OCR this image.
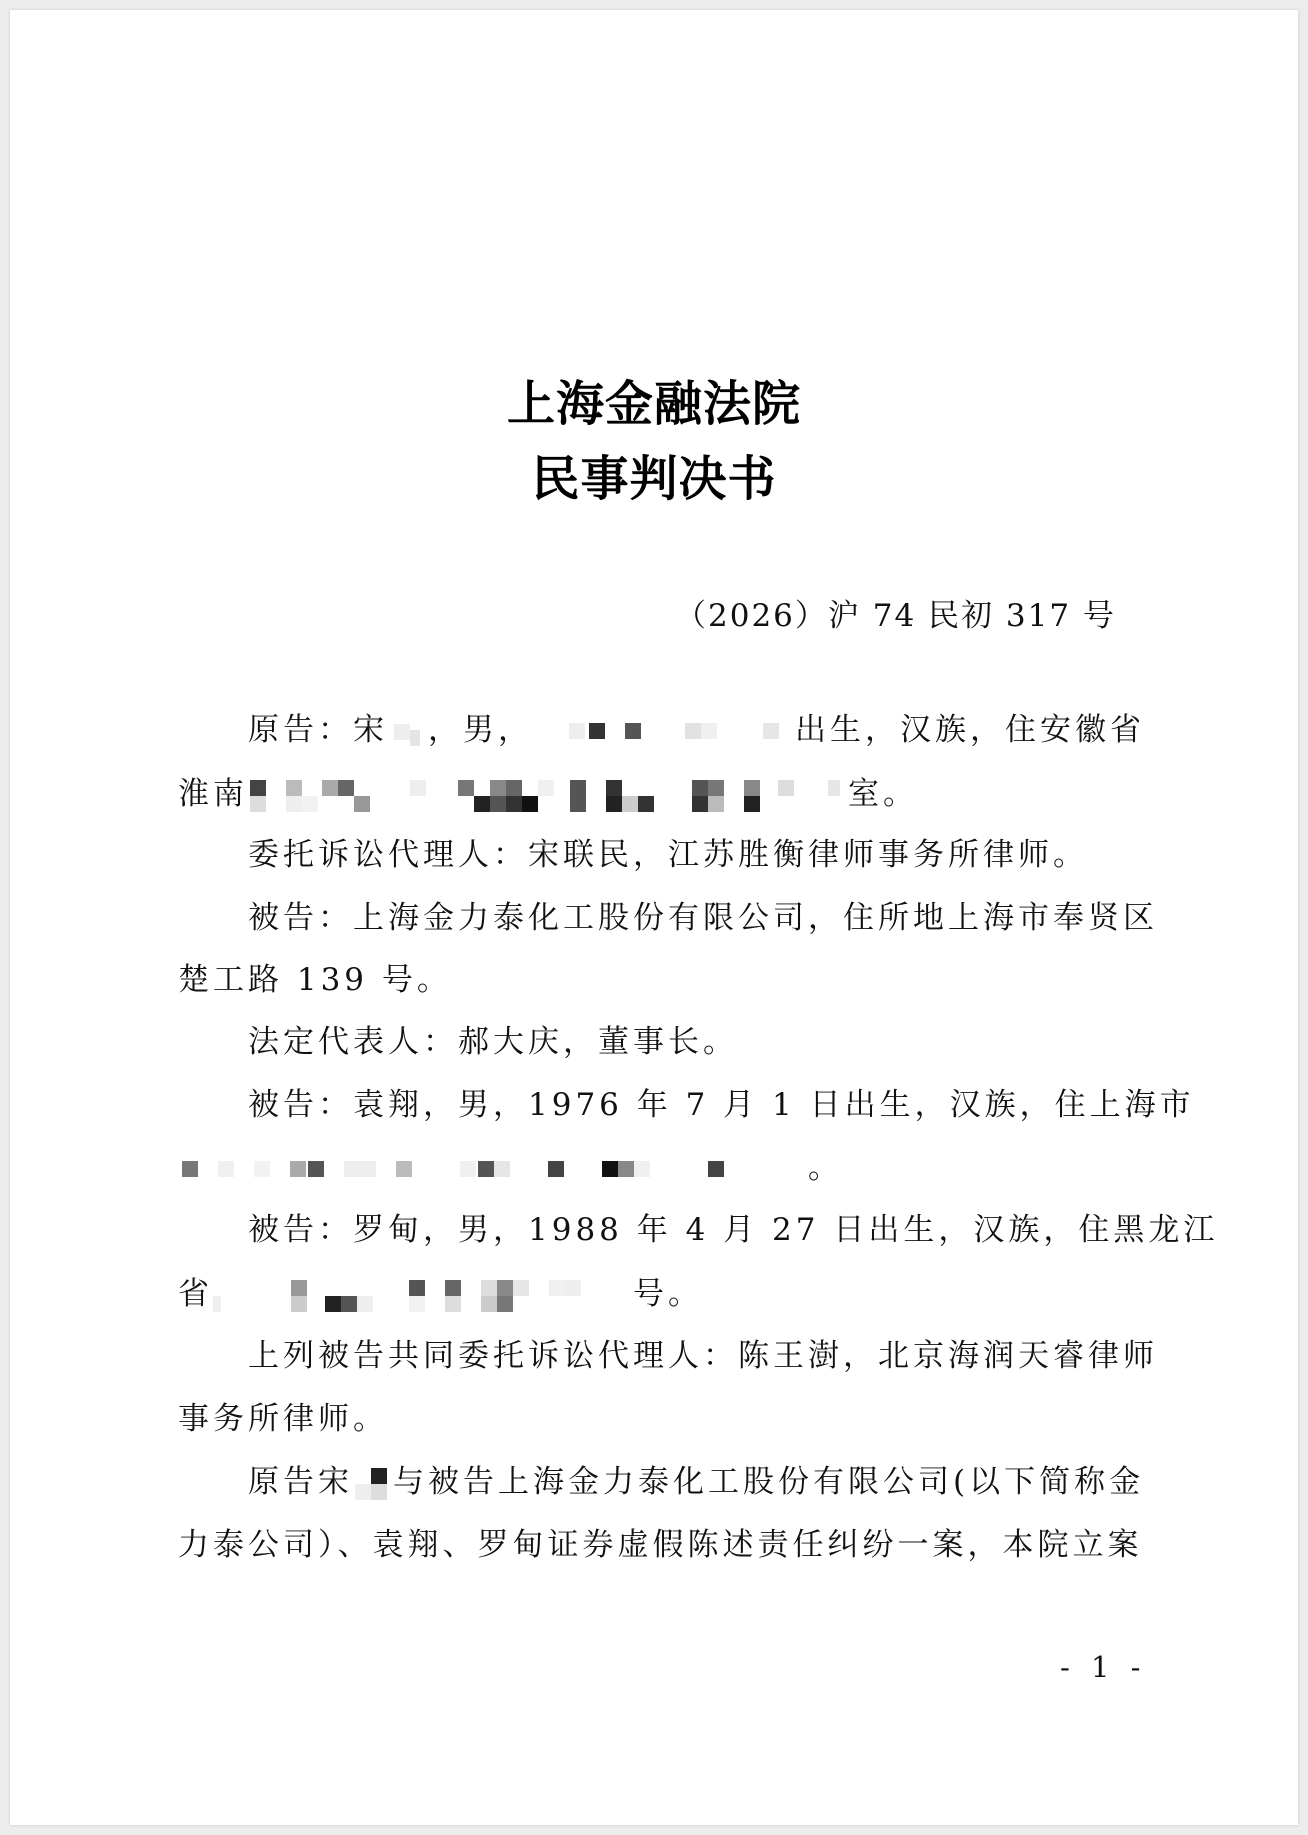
上海金融法院
民事判决书
（2026）沪 74 民初 317 号
原告：宋 ，男，	出生，汉族，住安徽省
淮南	室。
委托诉讼代理人：宋联民，江苏胜衡律师事务所律师。
被告：上海金力泰化工股份有限公司，住所地上海市奉贤区
楚工路 139 号。
法定代表人：郝大庆，董事长。
被告：袁翔，男，1976 年 7 月 1 日出生，汉族，住上海市
。
被告：罗甸，男，1988 年 4 月 27 日出生，汉族，住黑龙江
省	号。
上列被告共同委托诉讼代理人：陈王澍，北京海润天睿律师
事务所律师。
原告宋 与被告上海金力泰化工股份有限公司(以下简称金
力泰公司）、袁翔、罗甸证券虚假陈述责任纠纷一案，本院立案
- 1 -
